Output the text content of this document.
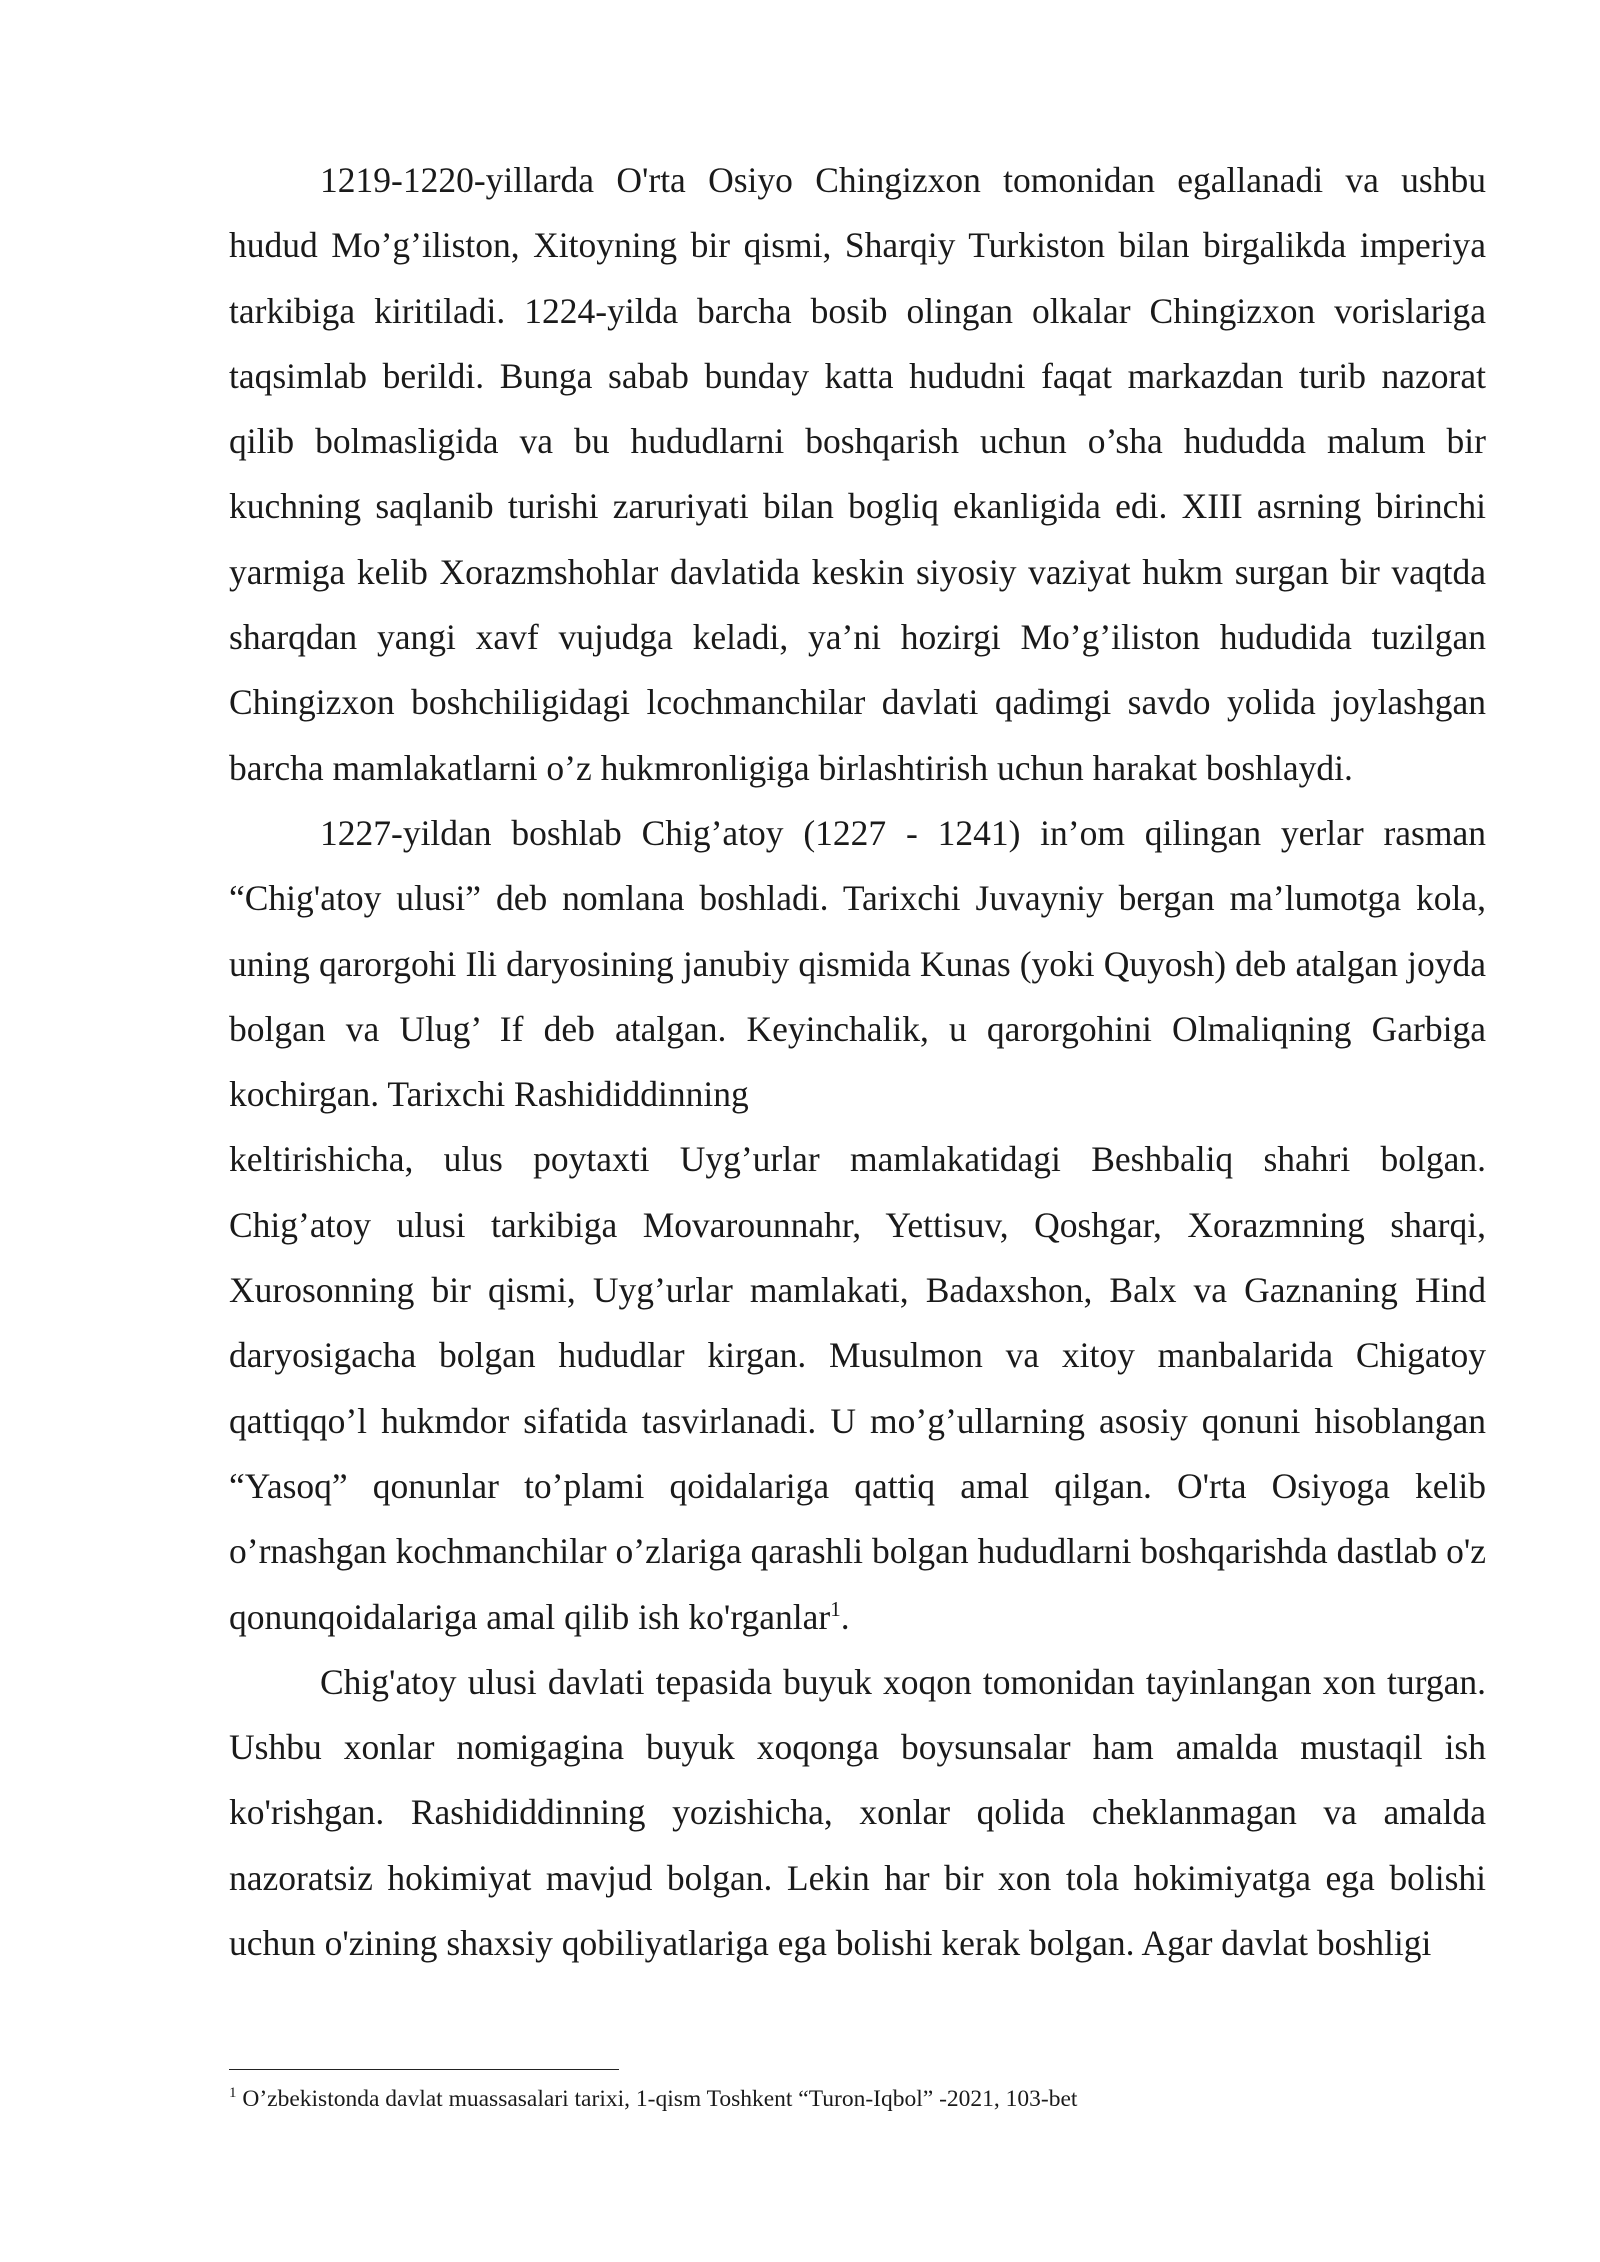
1219-1220-yillarda O'rta Osiyo Chingizxon tomonidan egallanadi va ushbu hudud Mo’g’iliston, Xitoyning bir qismi, Sharqiy Turkiston bilan birgalikda imperiya tarkibiga kiritiladi. 1224-yilda barcha bosib olingan olkalar Chingizxon vorislariga taqsimlab berildi. Bunga sabab bunday katta hududni faqat markazdan turib nazorat qilib bolmasligida va bu hududlarni boshqarish uchun o’sha hududda malum bir kuchning saqlanib turishi zaruriyati bilan bogliq ekanligida edi. XIII asrning birinchi yarmiga kelib Xorazmshohlar davlatida keskin siyosiy vaziyat hukm surgan bir vaqtda sharqdan yangi xavf vujudga keladi, ya’ni hozirgi Mo’g’iliston hududida tuzilgan Chingizxon boshchiligidagi lcochmanchilar davlati qadimgi savdo yolida joylashgan barcha mamlakatlarni o’z hukmronligiga birlashtirish uchun harakat boshlaydi.

1227-yildan boshlab Chig’atoy (1227 - 1241) in’om qilingan yerlar rasman “Chig'atoy ulusi” deb nomlana boshladi. Tarixchi Juvayniy bergan ma’lumotga kola, uning qarorgohi Ili daryosining janubiy qismida Kunas (yoki Quyosh) deb atalgan joyda bolgan va Ulug’ If deb atalgan. Keyinchalik, u qarorgohini Olmaliqning Garbiga kochirgan. Tarixchi Rashididdinning

keltirishicha, ulus poytaxti Uyg’urlar mamlakatidagi Beshbaliq shahri bolgan. Chig’atoy ulusi tarkibiga Movarounnahr, Yettisuv, Qoshgar, Xorazmning sharqi, Xurosonning bir qismi, Uyg’urlar mamlakati, Badaxshon, Balx va Gaznaning Hind daryosigacha bolgan hududlar kirgan. Musulmon va xitoy manbalarida Chigatoy qattiqqo’l hukmdor sifatida tasvirlanadi. U mo’g’ullarning asosiy qonuni hisoblangan “Yasoq” qonunlar to’plami qoidalariga qattiq amal qilgan. O'rta Osiyoga kelib o’rnashgan kochmanchilar o’zlariga qarashli bolgan hududlarni boshqarishda dastlab o'z qonunqoidalariga amal qilib ish ko'rganlar$^1$.

Chig'atoy ulusi davlati tepasida buyuk xoqon tomonidan tayinlangan xon turgan. Ushbu xonlar nomigagina buyuk xoqonga boysunsalar ham amalda mustaqil ish ko'rishgan. Rashididdinning yozishicha, xonlar qolida cheklanmagan va amalda nazoratsiz hokimiyat mavjud bolgan. Lekin har bir xon tola hokimiyatga ega bolishi uchun o'zining shaxsiy qobiliyatlariga ega bolishi kerak bolgan. Agar davlat boshligi

$^1$ O’zbekistonda davlat muassasalari tarixi, 1-qism Toshkent “Turon-Iqbol” -2021, 103-bet
